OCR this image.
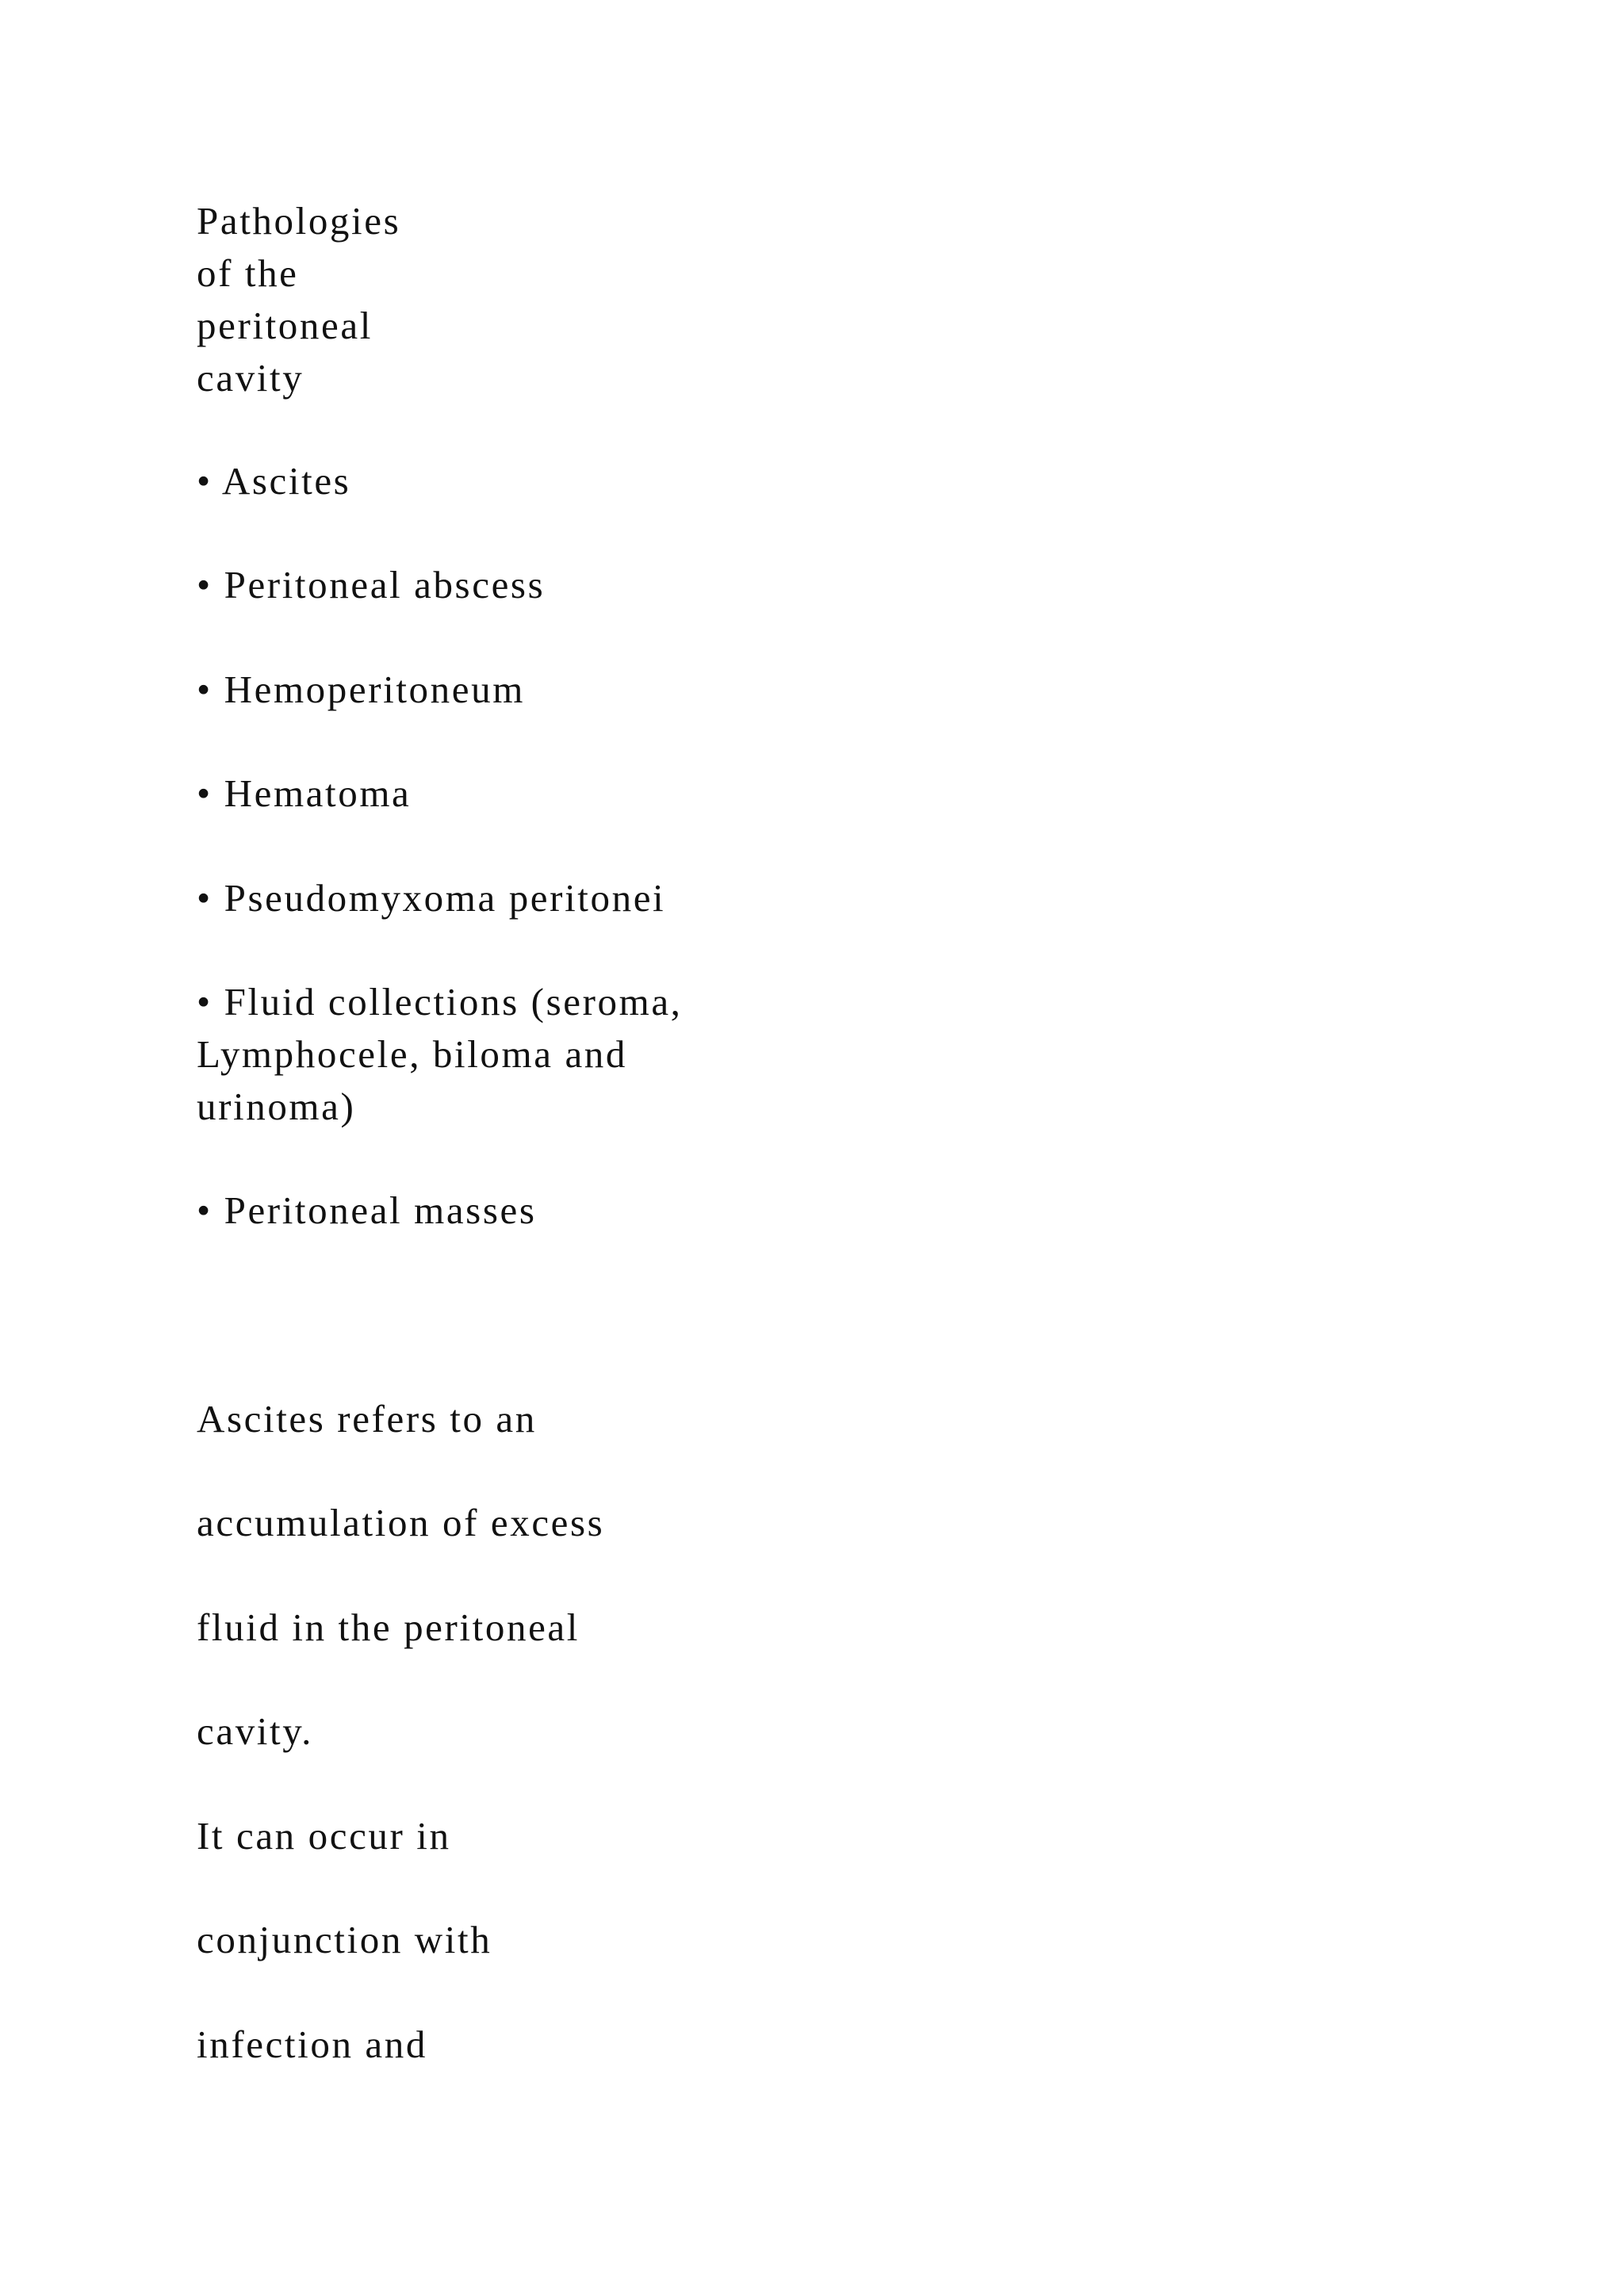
Pathologies
of the
peritoneal
cavity

• Ascites

• Peritoneal abscess

• Hemoperitoneum

• Hematoma

• Pseudomyxoma peritonei

• Fluid collections (seroma,
Lymphocele, biloma and
urinoma)

• Peritoneal masses

Ascites refers to an

accumulation of excess

fluid in the peritoneal

cavity.

It can occur in

conjunction with

infection and
